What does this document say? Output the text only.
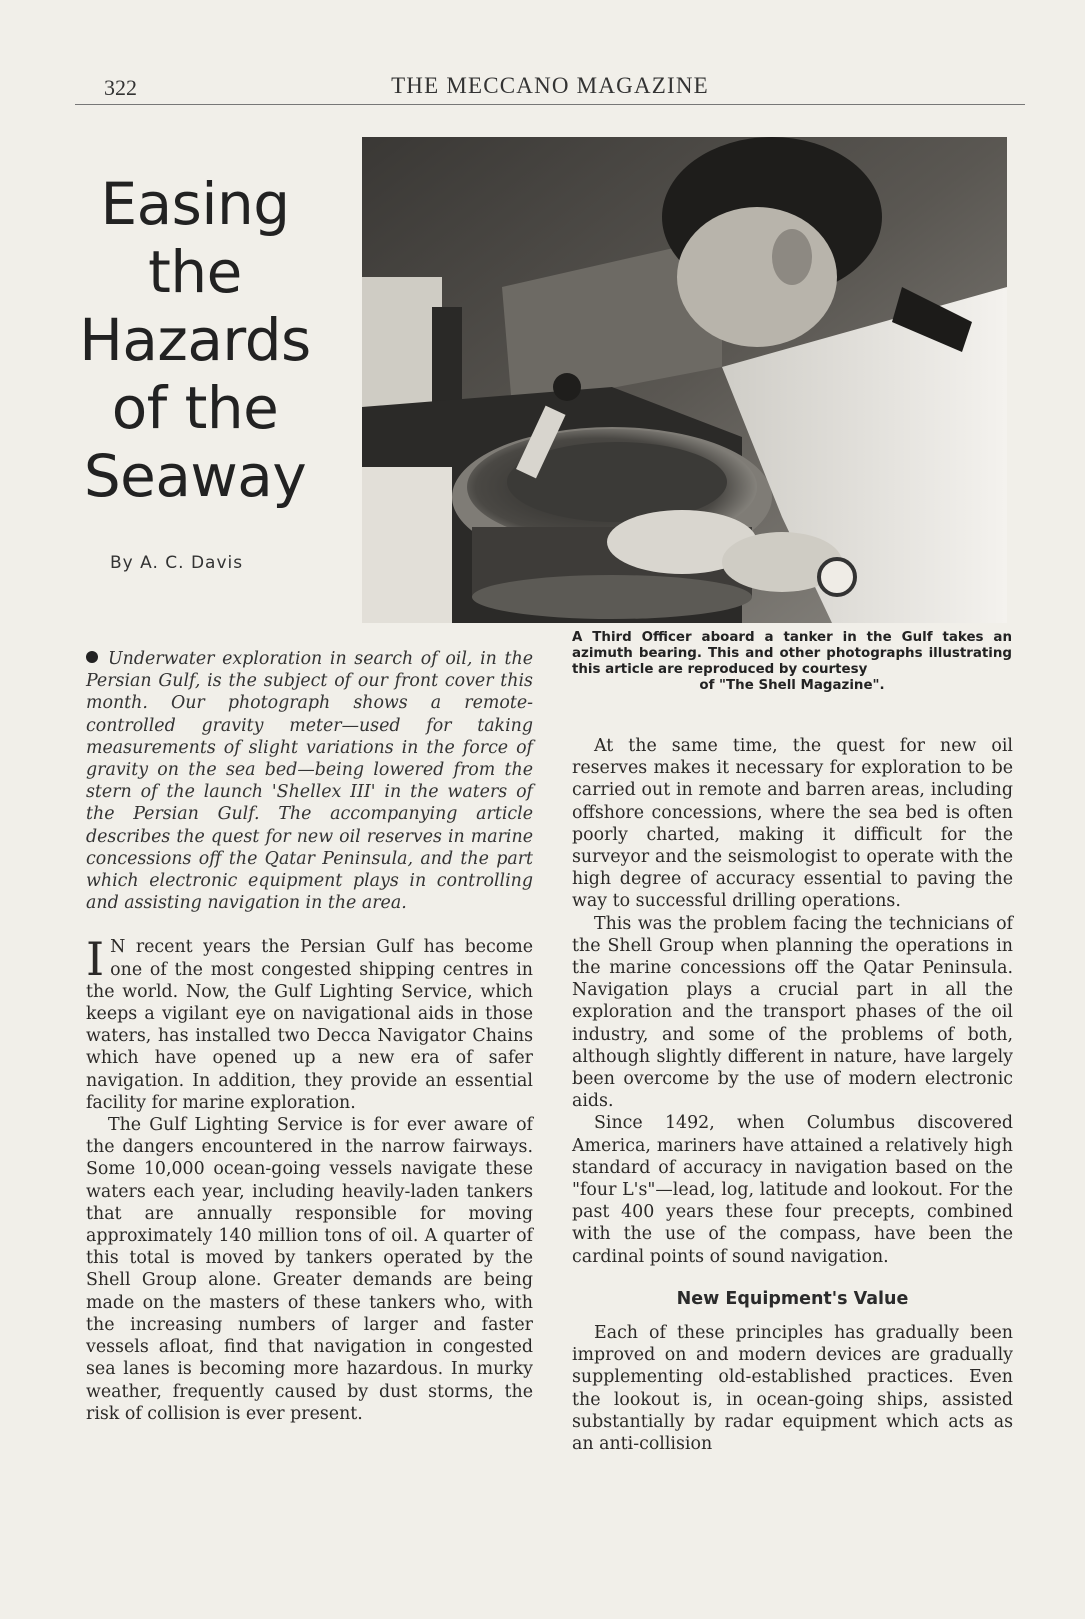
322	THE MECCANO MAGAZINE
Easing
the
Hazards
of the
Seaway
By A. C. Davis
A Third Officer aboard a tanker in the Gulf takes an azimuth bearing. This and other photographs illustrating this article are reproduced by courtesy
of "The Shell Magazine".

Underwater exploration in search of oil, in the Persian Gulf, is the subject of our front cover this month. Our photograph shows a remote-controlled gravity meter—used for taking measurements of slight variations in the force of gravity on the sea bed—being lowered from the stern of the launch 'Shellex III' in the waters of the Persian Gulf. The accompanying article describes the quest for new oil reserves in marine concessions off the Qatar Peninsula, and the part which electronic equipment plays in controlling and assisting navigation in the area.

I N recent years the Persian Gulf has become one of the most congested shipping centres in the world. Now, the Gulf Lighting Service, which keeps a vigilant eye on navigational aids in those waters, has installed two Decca Navigator Chains which have opened up a new era of safer navigation. In addition, they provide an essential facility for marine exploration.

The Gulf Lighting Service is for ever aware of the dangers encountered in the narrow fairways. Some 10,000 ocean-going vessels navigate these waters each year, including heavily-laden tankers that are annually responsible for moving approximately 140 million tons of oil. A quarter of this total is moved by tankers operated by the Shell Group alone. Greater demands are being made on the masters of these tankers who, with the increasing numbers of larger and faster vessels afloat, find that navigation in congested sea lanes is becoming more hazardous. In murky weather, frequently caused by dust storms, the risk of collision is ever present.

At the same time, the quest for new oil reserves makes it necessary for exploration to be carried out in remote and barren areas, including offshore concessions, where the sea bed is often poorly charted, making it difficult for the surveyor and the seismologist to operate with the high degree of accuracy essential to paving the way to successful drilling operations.

This was the problem facing the technicians of the Shell Group when planning the operations in the marine concessions off the Qatar Peninsula. Navigation plays a crucial part in all the exploration and the transport phases of the oil industry, and some of the problems of both, although slightly different in nature, have largely been overcome by the use of modern electronic aids.

Since 1492, when Columbus discovered America, mariners have attained a relatively high standard of accuracy in navigation based on the "four L's"—lead, log, latitude and lookout. For the past 400 years these four precepts, combined with the use of the compass, have been the cardinal points of sound navigation.

New Equipment's Value

Each of these principles has gradually been improved on and modern devices are gradually supplementing old-established practices. Even the lookout is, in ocean-going ships, assisted substantially by radar equipment which acts as an anti-collision
